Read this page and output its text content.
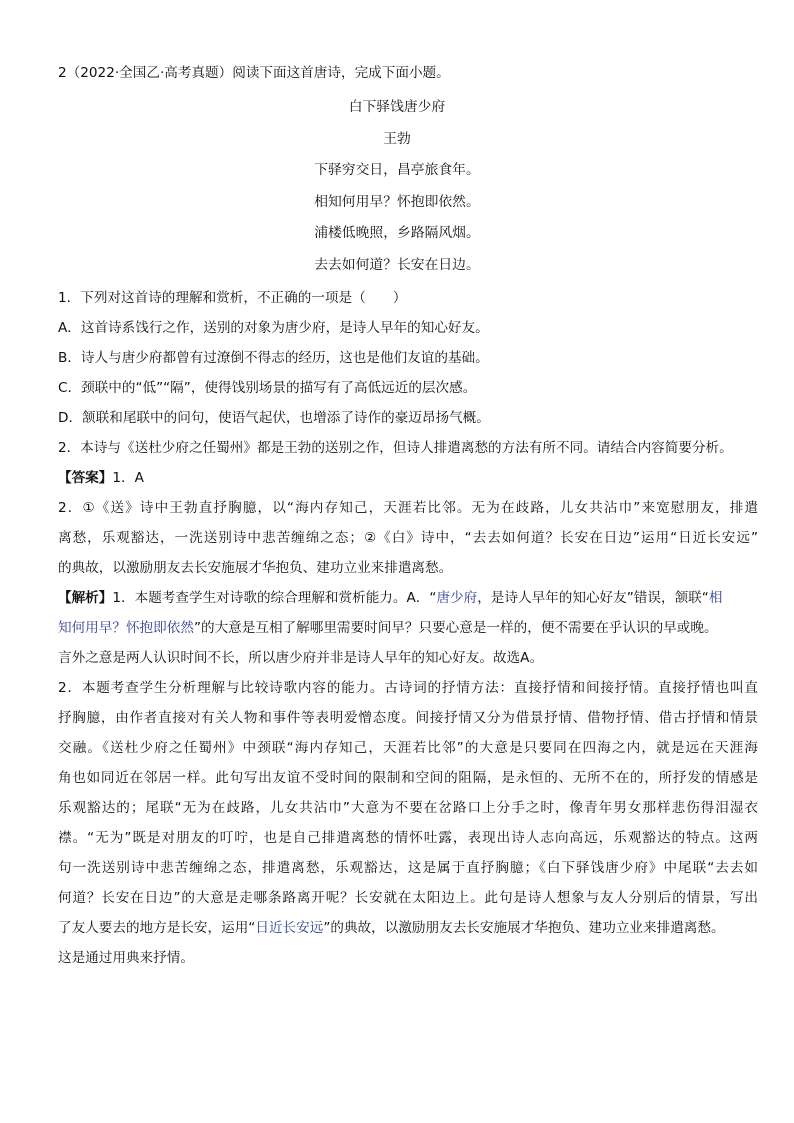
2（2022·全国乙·高考真题）阅读下面这首唐诗，完成下面小题。
白下驿饯唐少府
王勃
下驿穷交日，昌亭旅食年。
相知何用早？怀抱即依然。
浦楼低晚照，乡路隔风烟。
去去如何道？长安在日边。
1．下列对这首诗的理解和赏析，不正确的一项是（　　）
A．这首诗系饯行之作，送别的对象为唐少府，是诗人早年的知心好友。
B．诗人与唐少府都曾有过潦倒不得志的经历，这也是他们友谊的基础。
C．颈联中的“低”“隔”，使得饯别场景的描写有了高低远近的层次感。
D．颔联和尾联中的问句，使语气起伏，也增添了诗作的豪迈昂扬气概。
2．本诗与《送杜少府之任蜀州》都是王勃的送别之作，但诗人排遣离愁的方法有所不同。请结合内容简要分析。
【答案】1．A
2．①《送》诗中王勃直抒胸臆，以“海内存知己，天涯若比邻。无为在歧路，儿女共沾巾”来宽慰朋友，排遣
离愁，乐观豁达，一洗送别诗中悲苦缠绵之态；②《白》诗中，“去去如何道？长安在日边”运用“日近长安远”
的典故，以激励朋友去长安施展才华抱负、建功立业来排遣离愁。
【解析】1．本题考查学生对诗歌的综合理解和赏析能力。A．“唐少府，是诗人早年的知心好友”错误，颔联“相
知何用早？怀抱即依然”的大意是互相了解哪里需要时间早？只要心意是一样的，便不需要在乎认识的早或晚。
言外之意是两人认识时间不长，所以唐少府并非是诗人早年的知心好友。故选A。
2．本题考查学生分析理解与比较诗歌内容的能力。古诗词的抒情方法：直接抒情和间接抒情。直接抒情也叫直
抒胸臆，由作者直接对有关人物和事件等表明爱憎态度。间接抒情又分为借景抒情、借物抒情、借古抒情和情景
交融。《送杜少府之任蜀州》中颈联“海内存知己，天涯若比邻”的大意是只要同在四海之内，就是远在天涯海
角也如同近在邻居一样。此句写出友谊不受时间的限制和空间的阻隔，是永恒的、无所不在的，所抒发的情感是
乐观豁达的；尾联“无为在歧路，儿女共沾巾”大意为不要在岔路口上分手之时，像青年男女那样悲伤得泪湿衣
襟。“无为”既是对朋友的叮咛，也是自己排遣离愁的情怀吐露，表现出诗人志向高远，乐观豁达的特点。这两
句一洗送别诗中悲苦缠绵之态，排遣离愁，乐观豁达，这是属于直抒胸臆；《白下驿饯唐少府》中尾联“去去如
何道？长安在日边”的大意是走哪条路离开呢？长安就在太阳边上。此句是诗人想象与友人分别后的情景，写出
了友人要去的地方是长安，运用“日近长安远”的典故，以激励朋友去长安施展才华抱负、建功立业来排遣离愁。
这是通过用典来抒情。
